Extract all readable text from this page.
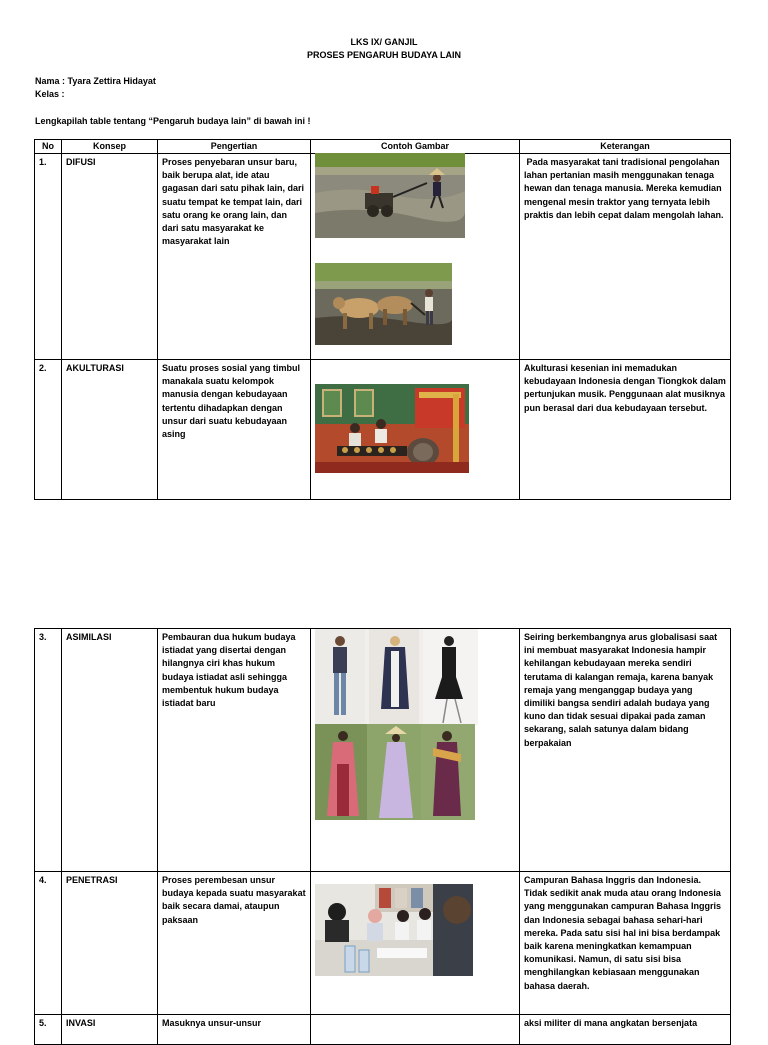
LKS IX/ GANJIL
PROSES PENGARUH BUDAYA LAIN
Nama : Tyara Zettira Hidayat
Kelas :
Lengkapilah table tentang “Pengaruh budaya lain” di bawah ini !
No	Konsep	Pengertian	Contoh Gambar	Keterangan
1.	DIFUSI	Proses penyebaran unsur baru, baik berupa alat, ide atau gagasan dari satu pihak lain, dari suatu tempat ke tempat lain, dari satu orang ke orang lain, dan dari satu masyarakat ke masyarakat lain		Pada masyarakat tani tradisional pengolahan lahan pertanian masih menggunakan tenaga hewan dan tenaga manusia. Mereka kemudian mengenal mesin traktor yang ternyata lebih praktis dan lebih cepat dalam mengolah lahan.
2.	AKULTURASI	Suatu proses sosial yang timbul manakala suatu kelompok manusia dengan kebudayaan tertentu dihadapkan dengan unsur dari suatu kebudayaan asing		Akulturasi kesenian ini memadukan kebudayaan Indonesia dengan Tiongkok dalam pertunjukan musik. Penggunaan alat musiknya pun berasal dari dua kebudayaan tersebut.
3.	ASIMILASI	Pembauran dua hukum budaya istiadat yang disertai dengan hilangnya ciri khas hukum budaya istiadat asli sehingga membentuk hukum budaya istiadat baru		Seiring berkembangnya arus globalisasi saat ini membuat masyarakat Indonesia hampir kehilangan kebudayaan mereka sendiri terutama di kalangan remaja, karena banyak remaja yang menganggap budaya yang dimiliki bangsa sendiri adalah budaya yang kuno dan tidak sesuai dipakai pada zaman sekarang, salah satunya dalam bidang berpakaian
4.	PENETRASI	Proses perembesan unsur budaya kepada suatu masyarakat baik secara damai, ataupun paksaan		Campuran Bahasa Inggris dan Indonesia. Tidak sedikit anak muda atau orang Indonesia yang menggunakan campuran Bahasa Inggris dan Indonesia sebagai bahasa sehari-hari mereka. Pada satu sisi hal ini bisa berdampak baik karena meningkatkan kemampuan komunikasi. Namun, di satu sisi bisa menghilangkan kebiasaan menggunakan bahasa daerah.
5.	INVASI	Masuknya unsur-unsur		aksi militer di mana angkatan bersenjata
